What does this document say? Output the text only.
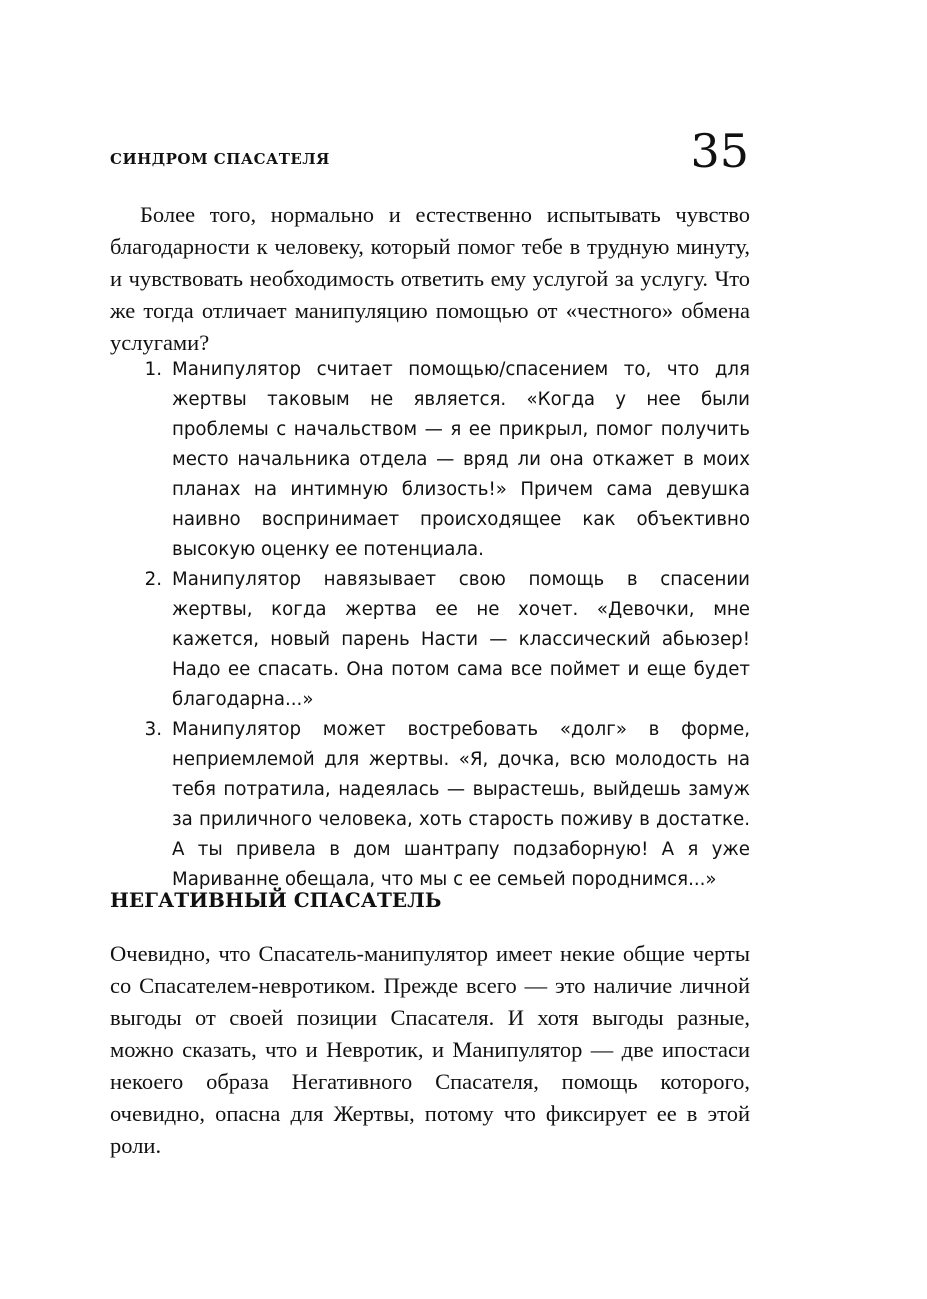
СИНДРОМ СПАСАТЕЛЯ	35

Более того, нормально и естественно испытывать чувство благодарности к человеку, который помог тебе в трудную минуту, и чувствовать необходимость ответить ему услугой за услугу. Что же тогда отличает манипуляцию помощью от «честного» обмена услугами?

1. Манипулятор считает помощью/спасением то, что для жертвы таковым не является. «Когда у нее были проблемы с начальством — я ее прикрыл, помог получить место начальника отдела — вряд ли она откажет в моих планах на интимную близость!» Причем сама девушка наивно воспринимает происходящее как объективно высокую оценку ее потенциала.
2. Манипулятор навязывает свою помощь в спасении жертвы, когда жертва ее не хочет. «Девочки, мне кажется, новый парень Насти — классический абьюзер! Надо ее спасать. Она потом сама все поймет и еще будет благодарна...»
3. Манипулятор может востребовать «долг» в форме, неприемлемой для жертвы. «Я, дочка, всю молодость на тебя потратила, надеялась — вырастешь, выйдешь замуж за приличного человека, хоть старость поживу в достатке. А ты привела в дом шантрапу подзаборную! А я уже Мариванне обещала, что мы с ее семьей породнимся...»
НЕГАТИВНЫЙ СПАСАТЕЛЬ

Очевидно, что Спасатель-манипулятор имеет некие общие черты со Спасателем-невротиком. Прежде всего — это наличие личной выгоды от своей позиции Спасателя. И хотя выгоды разные, можно сказать, что и Невротик, и Манипулятор — две ипостаси некоего образа Негативного Спасателя, помощь которого, очевидно, опасна для Жертвы, потому что фиксирует ее в этой роли.
